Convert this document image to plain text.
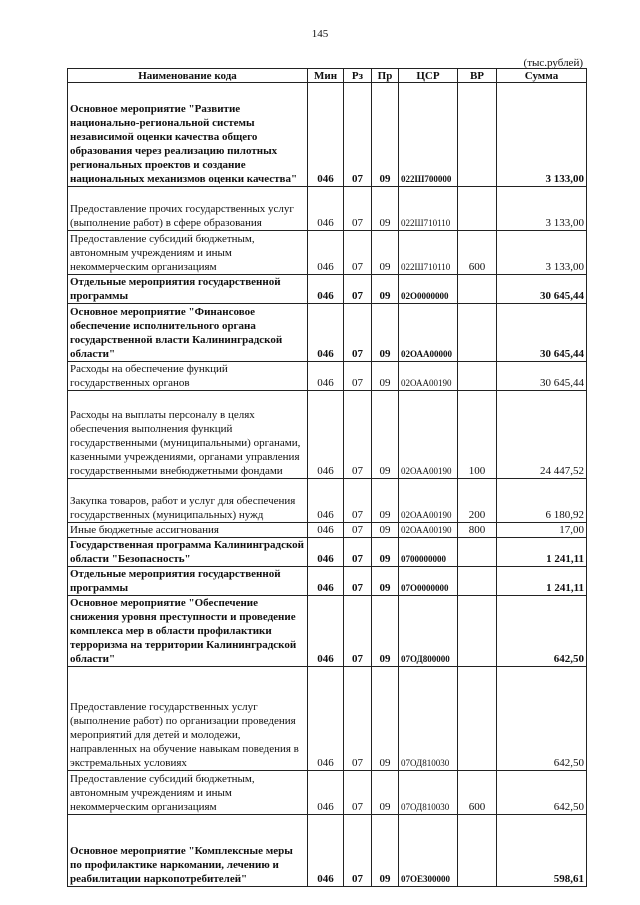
145
(тыс.рублей)
Наименование кода	Мин	Рз	Пр	ЦСР	ВР	Сумма
Основное мероприятие "Развитие национально-региональной системы независимой оценки качества общего образования через реализацию пилотных региональных проектов и создание национальных механизмов оценки качества"	046	07	09	022Ш700000		3 133,00
Предоставление прочих государственных услуг (выполнение работ) в сфере образования	046	07	09	022Ш710110		3 133,00
Предоставление субсидий бюджетным, автономным учреждениям и иным некоммерческим организациям	046	07	09	022Ш710110	600	3 133,00
Отдельные мероприятия государственной программы	046	07	09	02О0000000		30 645,44
Основное мероприятие "Финансовое обеспечение исполнительного органа государственной власти Калининградской области"	046	07	09	02ОАА00000		30 645,44
Расходы на обеспечение функций государственных органов	046	07	09	02ОАА00190		30 645,44
Расходы на выплаты персоналу в целях обеспечения выполнения функций государственными (муниципальными) органами, казенными учреждениями, органами управления государственными внебюджетными фондами	046	07	09	02ОАА00190	100	24 447,52
Закупка товаров, работ и услуг для обеспечения государственных (муниципальных) нужд	046	07	09	02ОАА00190	200	6 180,92
Иные бюджетные ассигнования	046	07	09	02ОАА00190	800	17,00
Государственная программа Калининградской области "Безопасность"	046	07	09	0700000000		1 241,11
Отдельные мероприятия государственной программы	046	07	09	07О0000000		1 241,11
Основное мероприятие "Обеспечение снижения уровня преступности и проведение комплекса мер в области профилактики терроризма на территории Калининградской области"	046	07	09	07ОД800000		642,50
Предоставление государственных услуг (выполнение работ) по организации проведения мероприятий для детей и молодежи, направленных на обучение навыкам поведения в экстремальных условиях	046	07	09	07ОД810030		642,50
Предоставление субсидий бюджетным, автономным учреждениям и иным некоммерческим организациям	046	07	09	07ОД810030	600	642,50
Основное мероприятие "Комплексные меры по профилактике наркомании, лечению и реабилитации наркопотребителей"	046	07	09	07ОЕ300000		598,61
